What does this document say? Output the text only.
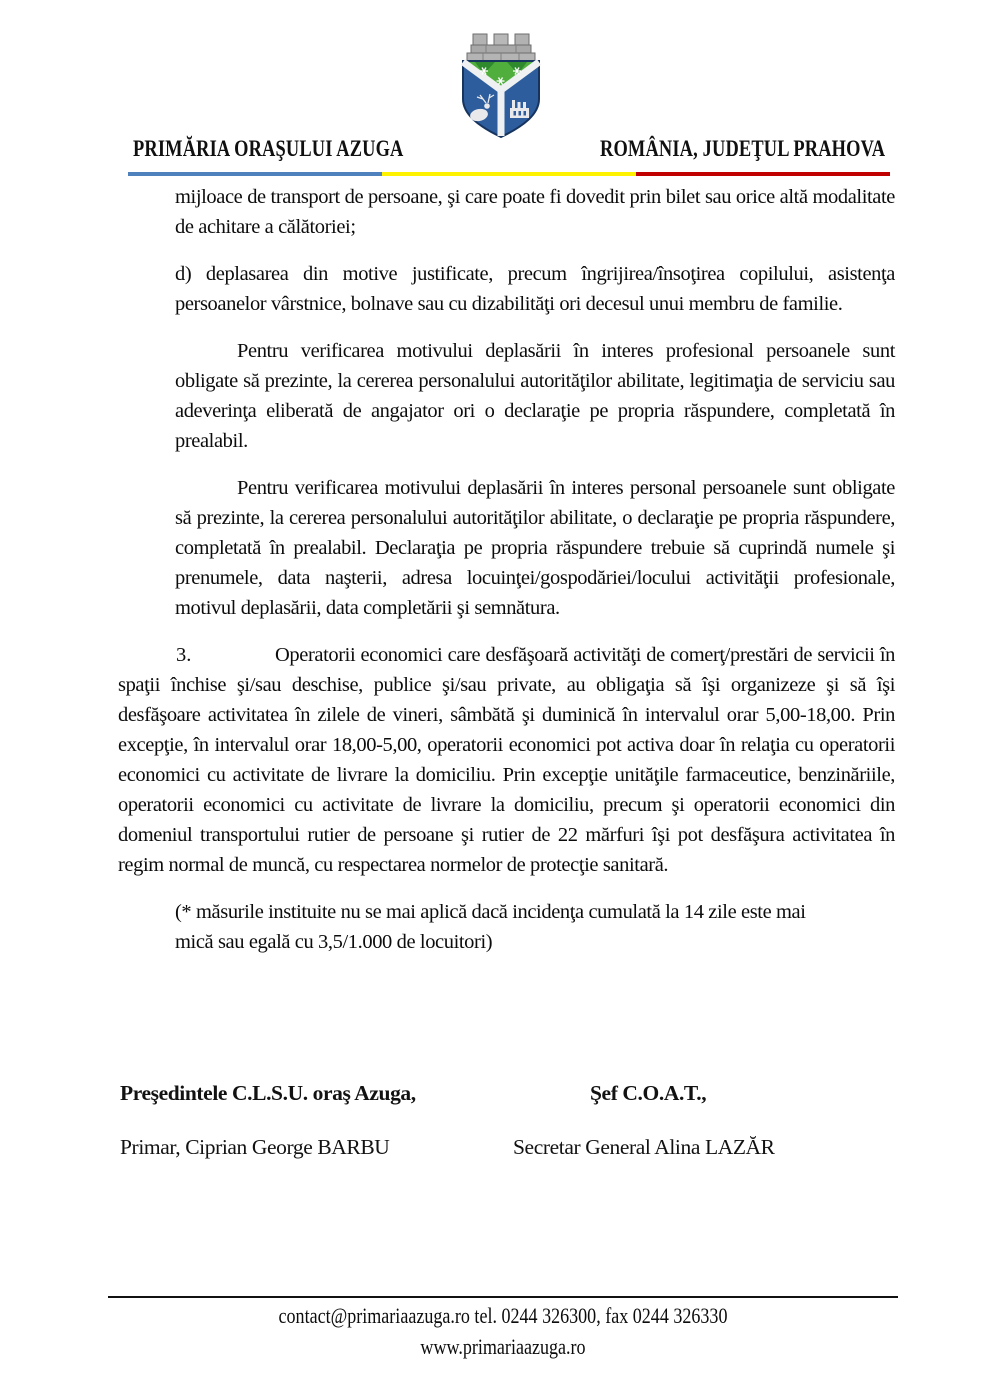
PRIMĂRIA ORAŞULUI AZUGA	ROMÂNIA, JUDEŢUL PRAHOVA
mijloace de transport de persoane, şi care poate fi dovedit prin bilet sau orice altă modalitate de achitare a călătoriei;
d) deplasarea din motive justificate, precum îngrijirea/însoţirea copilului, asistenţa persoanelor vârstnice, bolnave sau cu dizabilităţi ori decesul unui membru de familie.
Pentru verificarea motivului deplasării în interes profesional persoanele sunt obligate să prezinte, la cererea personalului autorităţilor abilitate, legitimaţia de serviciu sau adeverinţa eliberată de angajator ori o declaraţie pe propria răspundere, completată în prealabil.
Pentru verificarea motivului deplasării în interes personal persoanele sunt obligate să prezinte, la cererea personalului autorităţilor abilitate, o declaraţie pe propria răspundere, completată în prealabil. Declaraţia pe propria răspundere trebuie să cuprindă numele şi prenumele, data naşterii, adresa locuinţei/gospodăriei/locului activităţii profesionale, motivul deplasării, data completării şi semnătura.
3.	Operatorii economici care desfăşoară activităţi de comerţ/prestări de servicii în spaţii închise şi/sau deschise, publice şi/sau private, au obligaţia să îşi organizeze şi să îşi desfăşoare activitatea în zilele de vineri, sâmbătă şi duminică în intervalul orar 5,00-18,00. Prin excepţie, în intervalul orar 18,00-5,00, operatorii economici pot activa doar în relaţia cu operatorii economici cu activitate de livrare la domiciliu. Prin excepţie unităţile farmaceutice, benzinăriile, operatorii economici cu activitate de livrare la domiciliu, precum şi operatorii economici din domeniul transportului rutier de persoane şi rutier de 22 mărfuri îşi pot desfăşura activitatea în regim normal de muncă, cu respectarea normelor de protecţie sanitară.
(* măsurile instituite nu se mai aplică dacă incidenţa cumulată la 14 zile este mai
mică sau egală cu 3,5/1.000 de locuitori)
Preşedintele C.L.S.U. oraş Azuga,	Şef C.O.A.T.,
Primar, Ciprian George BARBU	Secretar General Alina LAZĂR
contact@primariaazuga.ro tel. 0244 326300, fax 0244 326330
www.primariaazuga.ro
